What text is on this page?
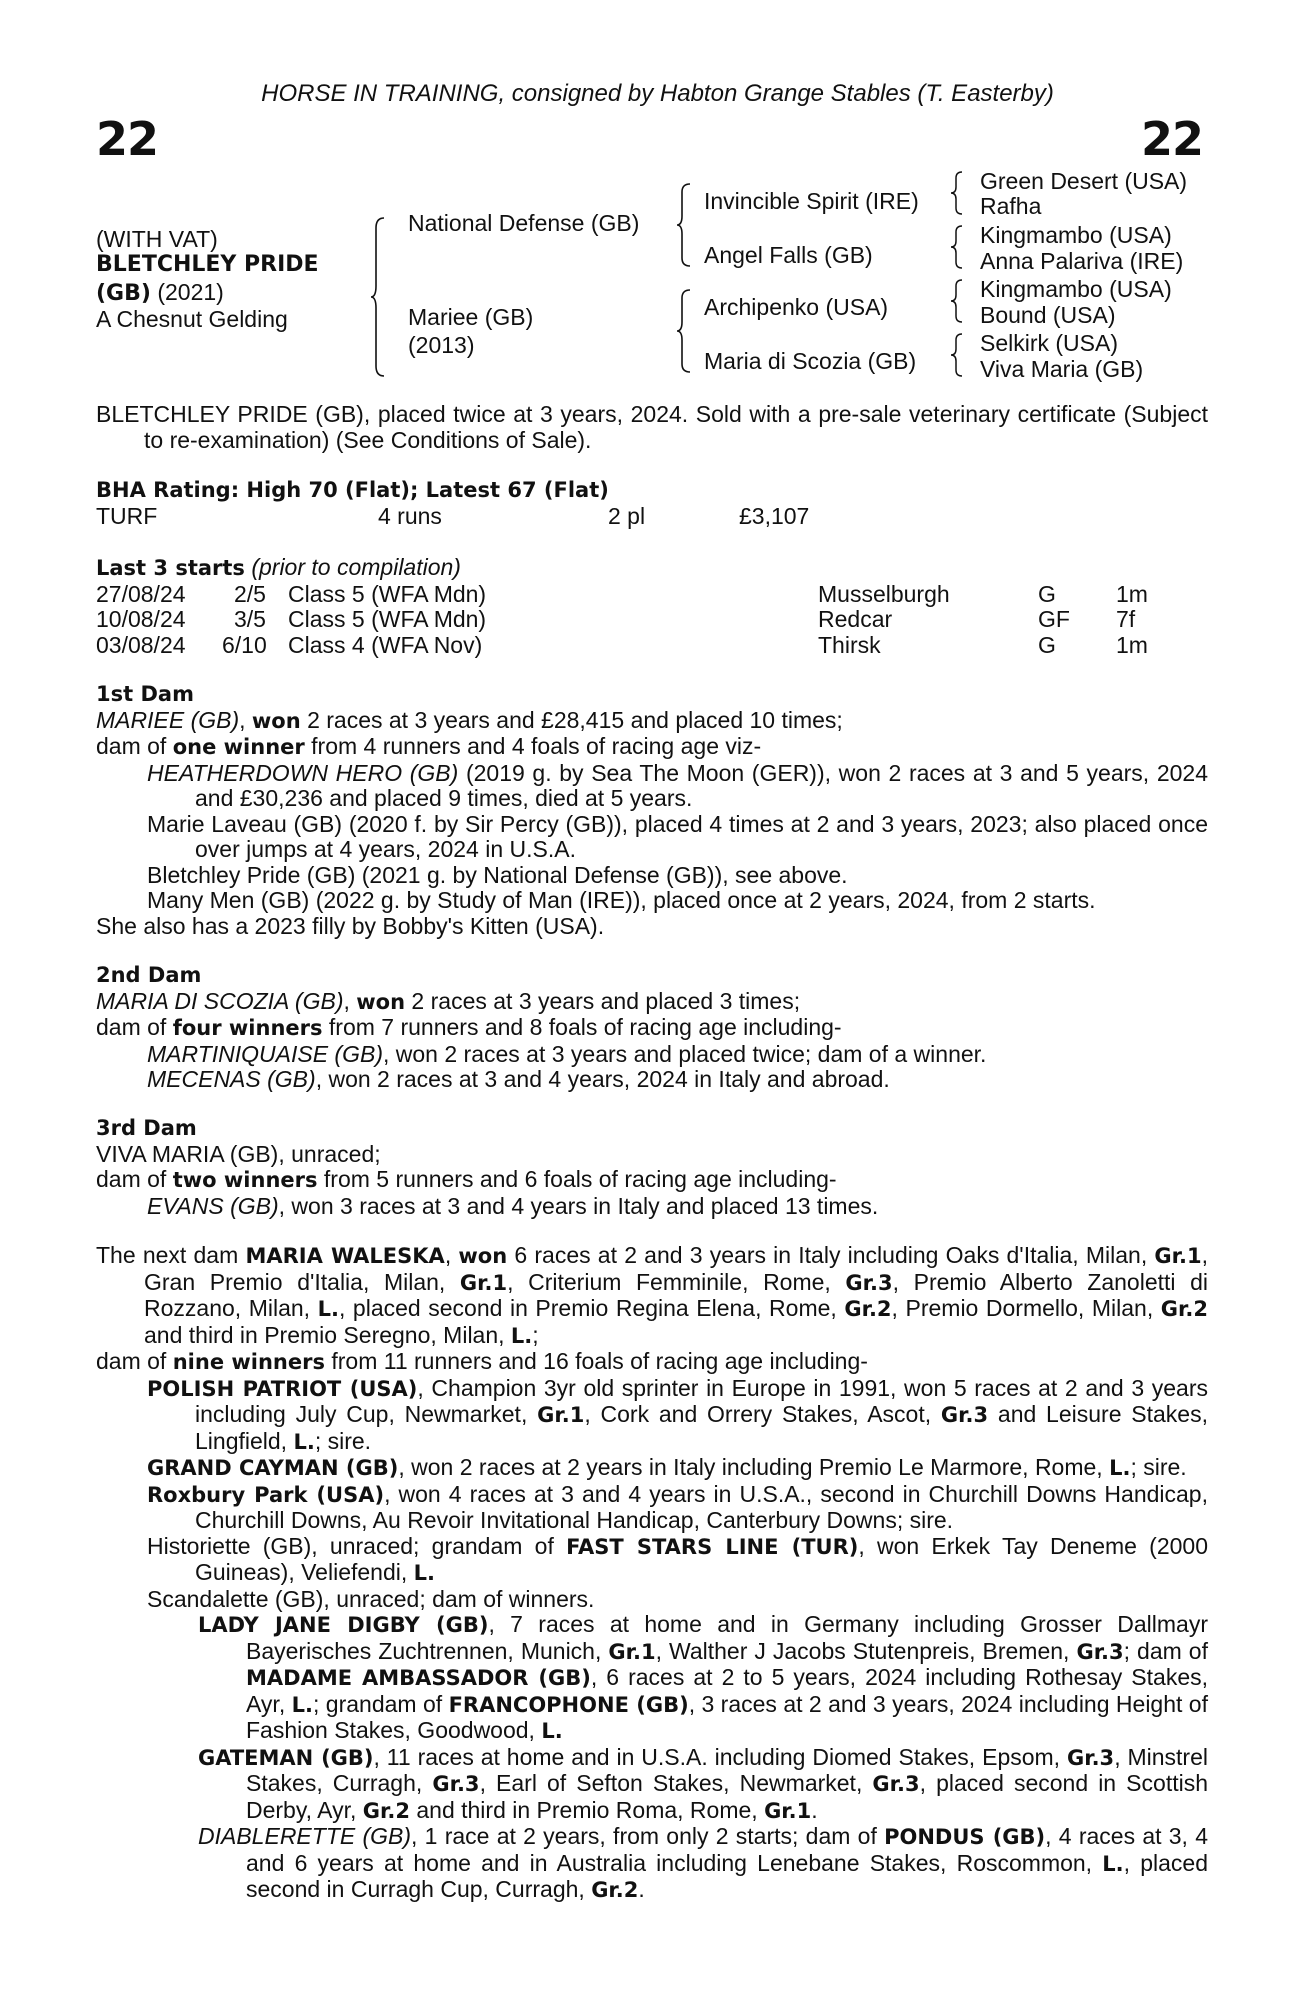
HORSE IN TRAINING, consigned by Habton Grange Stables (T. Easterby)
22	22
(WITH VAT)
BLETCHLEY PRIDE
(GB) (2021)
A Chesnut Gelding
National Defense (GB)
Mariee (GB)
(2013)
Invincible Spirit (IRE)
Angel Falls (GB)
Archipenko (USA)
Maria di Scozia (GB)
Green Desert (USA)
Rafha
Kingmambo (USA)
Anna Palariva (IRE)
Kingmambo (USA)
Bound (USA)
Selkirk (USA)
Viva Maria (GB)

BLETCHLEY PRIDE (GB), placed twice at 3 years, 2024. Sold with a pre-sale veterinary certificate (Subject to re-examination) (See Conditions of Sale).

BHA Rating: High 70 (Flat); Latest 67 (Flat)

TURF	4 runs	2 pl	£3,107

Last 3 starts (prior to compilation)

27/08/24 2/5 Class 5 (WFA Mdn)	Musselburgh	G	1m
10/08/24 3/5 Class 5 (WFA Mdn)	Redcar	GF 7f
03/08/24 6/10 Class 4 (WFA Nov)	Thirsk	G	1m

1st Dam

MARIEE (GB), won 2 races at 3 years and £28,415 and placed 10 times;

dam of one winner from 4 runners and 4 foals of racing age viz-

HEATHERDOWN HERO (GB) (2019 g. by Sea The Moon (GER)), won 2 races at 3 and 5 years, 2024 and £30,236 and placed 9 times, died at 5 years.

Marie Laveau (GB) (2020 f. by Sir Percy (GB)), placed 4 times at 2 and 3 years, 2023; also placed once over jumps at 4 years, 2024 in U.S.A.

Bletchley Pride (GB) (2021 g. by National Defense (GB)), see above.

Many Men (GB) (2022 g. by Study of Man (IRE)), placed once at 2 years, 2024, from 2 starts.

She also has a 2023 filly by Bobby's Kitten (USA).

2nd Dam

MARIA DI SCOZIA (GB), won 2 races at 3 years and placed 3 times;

dam of four winners from 7 runners and 8 foals of racing age including-

MARTINIQUAISE (GB), won 2 races at 3 years and placed twice; dam of a winner.

MECENAS (GB), won 2 races at 3 and 4 years, 2024 in Italy and abroad.

3rd Dam

VIVA MARIA (GB), unraced;

dam of two winners from 5 runners and 6 foals of racing age including-

EVANS (GB), won 3 races at 3 and 4 years in Italy and placed 13 times.

The next dam MARIA WALESKA, won 6 races at 2 and 3 years in Italy including Oaks d'Italia, Milan, Gr.1, Gran Premio d'Italia, Milan, Gr.1, Criterium Femminile, Rome, Gr.3, Premio Alberto Zanoletti di Rozzano, Milan, L., placed second in Premio Regina Elena, Rome, Gr.2, Premio Dormello, Milan, Gr.2 and third in Premio Seregno, Milan, L.;

dam of nine winners from 11 runners and 16 foals of racing age including-

POLISH PATRIOT (USA), Champion 3yr old sprinter in Europe in 1991, won 5 races at 2 and 3 years including July Cup, Newmarket, Gr.1, Cork and Orrery Stakes, Ascot, Gr.3 and Leisure Stakes, Lingfield, L.; sire.

GRAND CAYMAN (GB), won 2 races at 2 years in Italy including Premio Le Marmore, Rome, L.; sire.

Roxbury Park (USA), won 4 races at 3 and 4 years in U.S.A., second in Churchill Downs Handicap, Churchill Downs, Au Revoir Invitational Handicap, Canterbury Downs; sire.

Historiette (GB), unraced; grandam of FAST STARS LINE (TUR), won Erkek Tay Deneme (2000 Guineas), Veliefendi, L.

Scandalette (GB), unraced; dam of winners.

LADY JANE DIGBY (GB), 7 races at home and in Germany including Grosser Dallmayr Bayerisches Zuchtrennen, Munich, Gr.1, Walther J Jacobs Stutenpreis, Bremen, Gr.3; dam of MADAME AMBASSADOR (GB), 6 races at 2 to 5 years, 2024 including Rothesay Stakes, Ayr, L.; grandam of FRANCOPHONE (GB), 3 races at 2 and 3 years, 2024 including Height of Fashion Stakes, Goodwood, L.

GATEMAN (GB), 11 races at home and in U.S.A. including Diomed Stakes, Epsom, Gr.3, Minstrel Stakes, Curragh, Gr.3, Earl of Sefton Stakes, Newmarket, Gr.3, placed second in Scottish Derby, Ayr, Gr.2 and third in Premio Roma, Rome, Gr.1.

DIABLERETTE (GB), 1 race at 2 years, from only 2 starts; dam of PONDUS (GB), 4 races at 3, 4 and 6 years at home and in Australia including Lenebane Stakes, Roscommon, L., placed second in Curragh Cup, Curragh, Gr.2.
